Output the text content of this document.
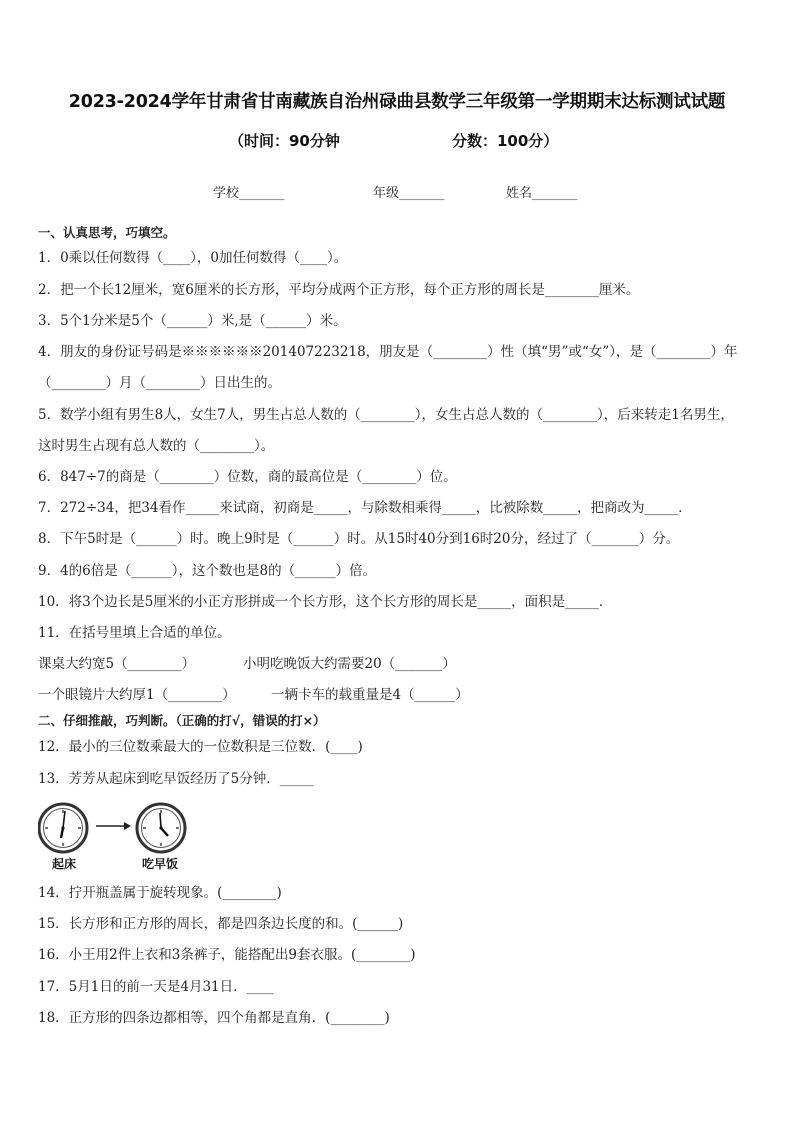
2023-2024学年甘肃省甘南藏族自治州碌曲县数学三年级第一学期期末达标测试试题
（时间：90分钟	分数：100分）
学校_______	年级_______	姓名_______
一、认真思考，巧填空。
1．0乘以任何数得（____），0加任何数得（____）。
2．把一个长12厘米，宽6厘米的长方形，平均分成两个正方形，每个正方形的周长是________厘米。
3．5个1分米是5个（______）米,是（______）米。
4．朋友的身份证号码是※※※※※※201407223218，朋友是（________）性（填“男”或“女”），是（________）年
（________）月（________）日出生的。
5．数学小组有男生8人，女生7人，男生占总人数的（________），女生占总人数的（________），后来转走1名男生，
这时男生占现有总人数的（________）。
6．847÷7的商是（________）位数，商的最高位是（________）位。
7．272÷34，把34看作_____来试商，初商是_____，与除数相乘得_____，比被除数_____，把商改为_____．
8．下午5时是（______）时。晚上9时是（______）时。从15时40分到16时20分，经过了（_______）分。
9．4的6倍是（______），这个数也是8的（______）倍。
10．将3个边长是5厘米的小正方形拼成一个长方形，这个长方形的周长是_____，面积是_____．
11．在括号里填上合适的单位。
课桌大约宽5（________）	小明吃晚饭大约需要20（_______）
一个眼镜片大约厚1（________）	一辆卡车的载重量是4（______）
二、仔细推敲，巧判断。（正确的打√，错误的打×）
12．最小的三位数乘最大的一位数积是三位数．(____)
13．芳芳从起床到吃早饭经历了5分钟．_____
起床	吃早饭
14．拧开瓶盖属于旋转现象。(________)
15．长方形和正方形的周长，都是四条边长度的和。(______)
16．小王用2件上衣和3条裤子，能搭配出9套衣服。(________)
17．5月1日的前一天是4月31日．____
18．正方形的四条边都相等，四个角都是直角．(________)
